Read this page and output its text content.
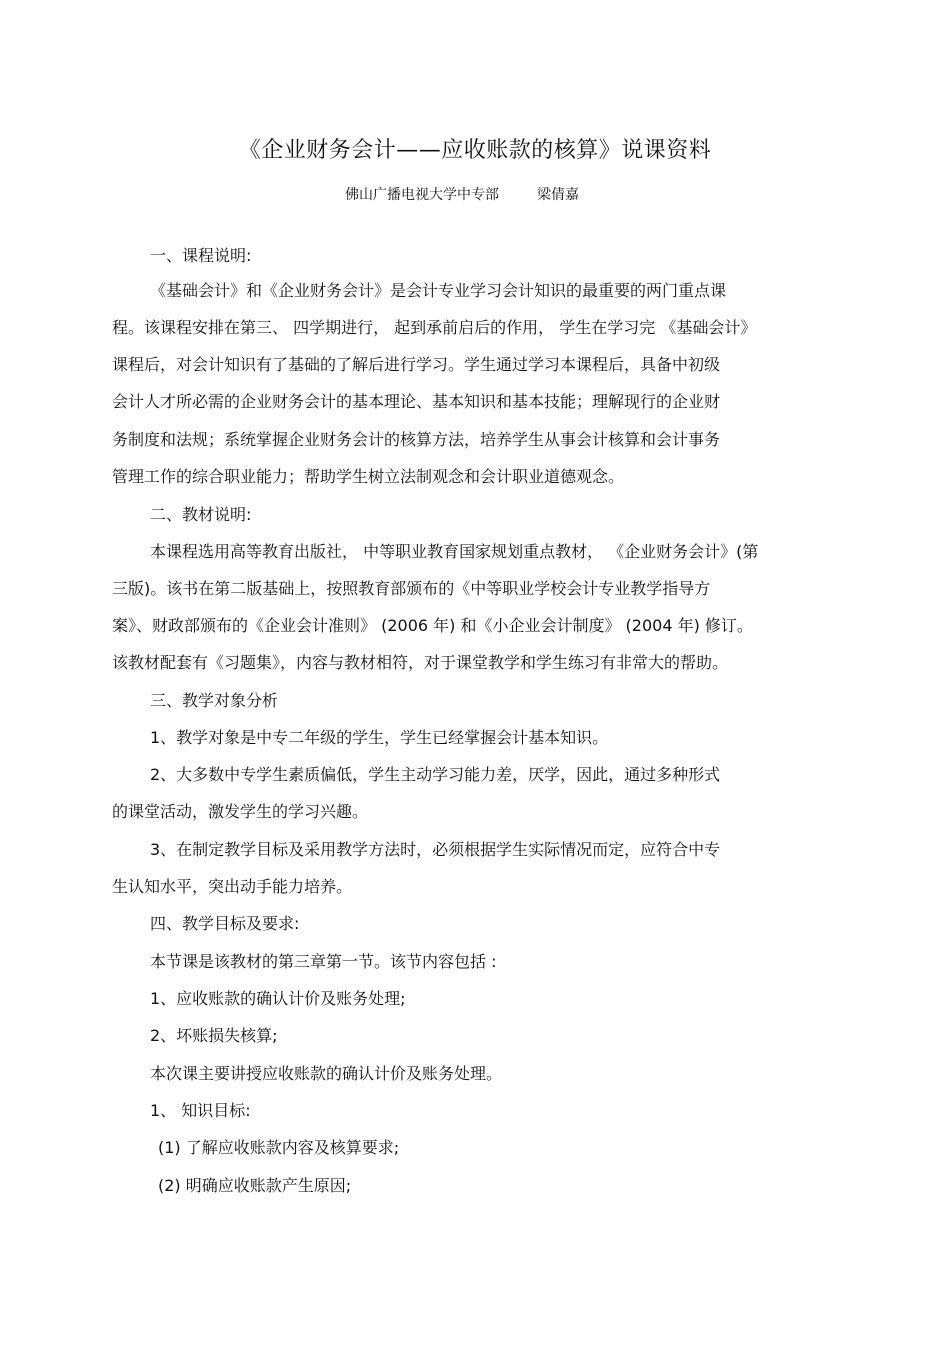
《企业财务会计——应收账款的核算》说课资料
佛山广播电视大学中专部	梁倩嘉
一、课程说明:
《基础会计》和《企业财务会计》是会计专业学习会计知识的最重要的两门重点课
程。该课程安排在第三、 四学期进行， 起到承前启后的作用， 学生在学习完 《基础会计》
课程后，对会计知识有了基础的了解后进行学习。学生通过学习本课程后，具备中初级
会计人才所必需的企业财务会计的基本理论、基本知识和基本技能；理解现行的企业财
务制度和法规；系统掌握企业财务会计的核算方法，培养学生从事会计核算和会计事务
管理工作的综合职业能力；帮助学生树立法制观念和会计职业道德观念。
二、教材说明:
本课程选用高等教育出版社， 中等职业教育国家规划重点教材， 《企业财务会计》(第
三版)。该书在第二版基础上，按照教育部颁布的《中等职业学校会计专业教学指导方
案》、财政部颁布的《企业会计准则》 (2006 年) 和《小企业会计制度》 (2004 年) 修订。
该教材配套有《习题集》，内容与教材相符，对于课堂教学和学生练习有非常大的帮助。
三、教学对象分析
1、教学对象是中专二年级的学生，学生已经掌握会计基本知识。
2、大多数中专学生素质偏低，学生主动学习能力差，厌学，因此，通过多种形式
的课堂活动，激发学生的学习兴趣。
3、在制定教学目标及采用教学方法时，必须根据学生实际情况而定，应符合中专
生认知水平，突出动手能力培养。
四、教学目标及要求:
本节课是该教材的第三章第一节。该节内容包括 :
1、应收账款的确认计价及账务处理;
2、坏账损失核算;
本次课主要讲授应收账款的确认计价及账务处理。
1、 知识目标:
(1) 了解应收账款内容及核算要求;
(2) 明确应收账款产生原因;
